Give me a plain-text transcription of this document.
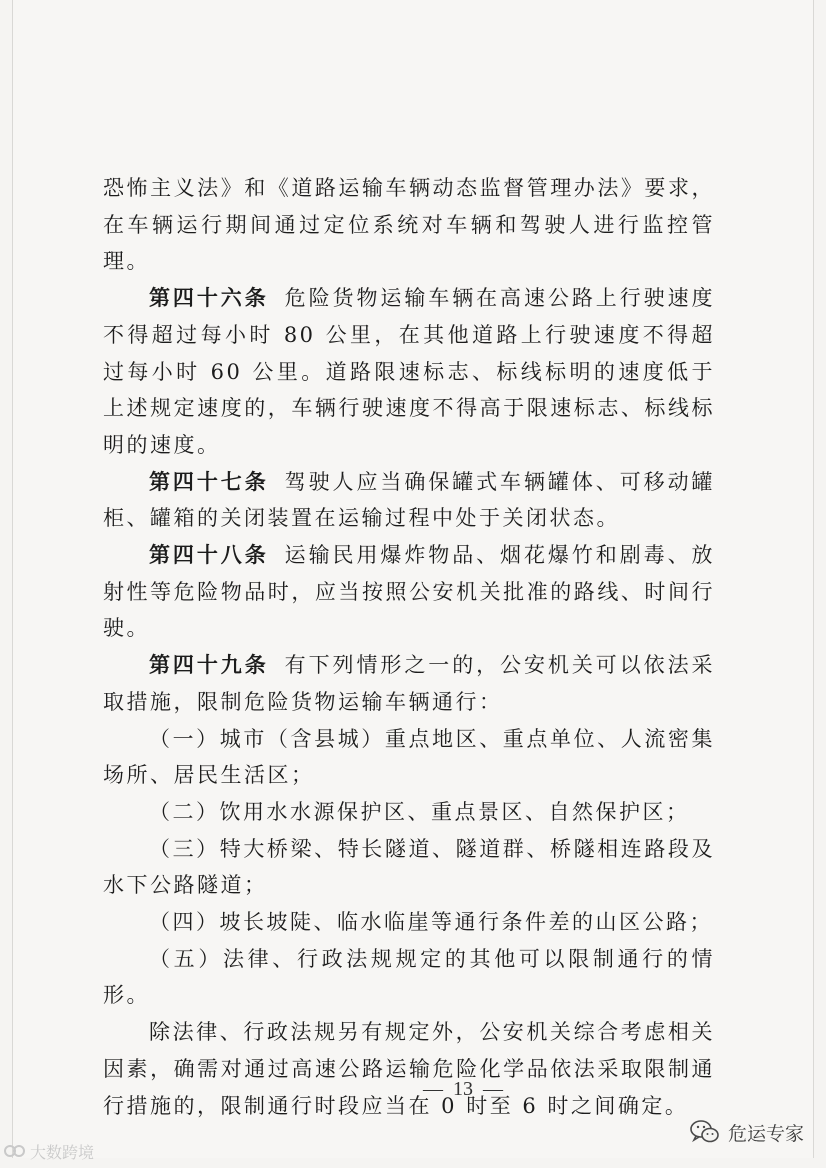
恐怖主义法》和《道路运输车辆动态监督管理办法》要求，在车辆运行期间通过定位系统对车辆和驾驶人进行监控管理。

第四十六条 危险货物运输车辆在高速公路上行驶速度不得超过每小时 80 公里，在其他道路上行驶速度不得超过每小时 60 公里。道路限速标志、标线标明的速度低于上述规定速度的，车辆行驶速度不得高于限速标志、标线标明的速度。

第四十七条 驾驶人应当确保罐式车辆罐体、可移动罐柜、罐箱的关闭装置在运输过程中处于关闭状态。

第四十八条 运输民用爆炸物品、烟花爆竹和剧毒、放射性等危险物品时，应当按照公安机关批准的路线、时间行驶。

第四十九条 有下列情形之一的，公安机关可以依法采取措施，限制危险货物运输车辆通行：

（一）城市（含县城）重点地区、重点单位、人流密集场所、居民生活区；

（二）饮用水水源保护区、重点景区、自然保护区；

（三）特大桥梁、特长隧道、隧道群、桥隧相连路段及水下公路隧道；

（四）坡长坡陡、临水临崖等通行条件差的山区公路；

（五）法律、行政法规规定的其他可以限制通行的情形。

除法律、行政法规另有规定外，公安机关综合考虑相关因素，确需对通过高速公路运输危险化学品依法采取限制通行措施的，限制通行时段应当在 0 时至 6 时之间确定。

— 13 —
大数跨境
危运专家
